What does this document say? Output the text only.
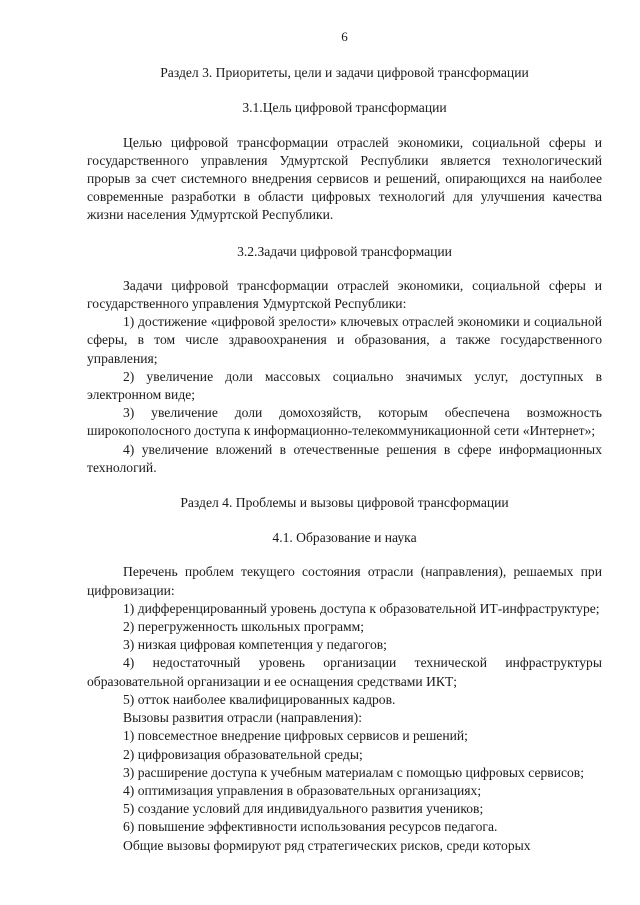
6
Раздел 3. Приоритеты, цели и задачи цифровой трансформации
3.1.Цель цифровой трансформации

Целью цифровой трансформации отраслей экономики, социальной сферы и государственного управления Удмуртской Республики является технологический прорыв за счет системного внедрения сервисов и решений, опирающихся на наиболее современные разработки в области цифровых технологий для улучшения качества жизни населения Удмуртской Республики.

3.2.Задачи цифровой трансформации

Задачи цифровой трансформации отраслей экономики, социальной сферы и государственного управления Удмуртской Республики:

1) достижение «цифровой зрелости» ключевых отраслей экономики и социальной сферы, в том числе здравоохранения и образования, а также государственного управления;

2) увеличение доли массовых социально значимых услуг, доступных в электронном виде;

3) увеличение доли домохозяйств, которым обеспечена возможность широкополосного доступа к информационно-телекоммуникационной сети «Интернет»;

4) увеличение вложений в отечественные решения в сфере информационных технологий.

Раздел 4. Проблемы и вызовы цифровой трансформации
4.1. Образование и наука

Перечень проблем текущего состояния отрасли (направления), решаемых при цифровизации:

1) дифференцированный уровень доступа к образовательной ИТ-инфраструктуре;

2) перегруженность школьных программ;

3) низкая цифровая компетенция у педагогов;

4) недостаточный уровень организации технической инфраструктуры образовательной организации и ее оснащения средствами ИКТ;

5) отток наиболее квалифицированных кадров.

Вызовы развития отрасли (направления):

1) повсеместное внедрение цифровых сервисов и решений;

2) цифровизация образовательной среды;

3) расширение доступа к учебным материалам с помощью цифровых сервисов;

4) оптимизация управления в образовательных организациях;

5) создание условий для индивидуального развития учеников;

6) повышение эффективности использования ресурсов педагога.

Общие вызовы формируют ряд стратегических рисков, среди которых
